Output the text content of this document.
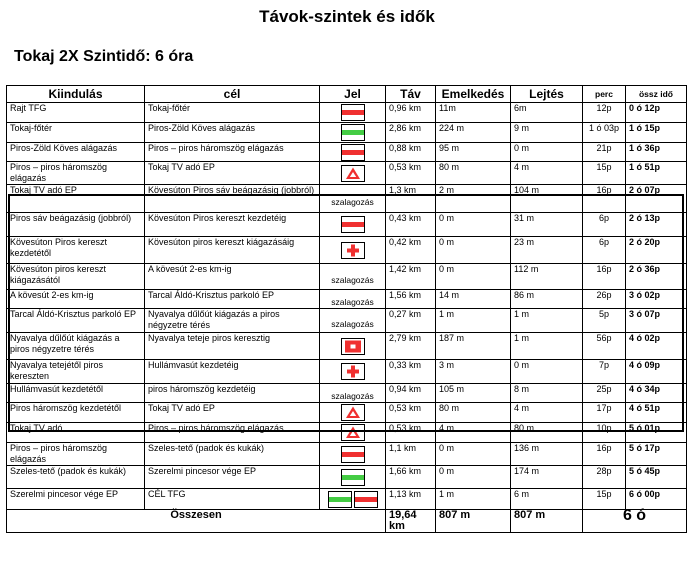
Távok-szintek és idők
Tokaj 2X Szintidő: 6 óra
Kiindulás	cél	Jel	Táv	Emelkedés	Lejtés	perc	össz idő
Rajt TFG	Tokaj-főtér		0,96 km	11m	6m	12p	0 ó 12p
Tokaj-főtér	Piros-Zöld Köves alágazás		2,86 km	224 m	9 m	1 ó 03p	1 ó 15p
Piros-Zöld Köves alágazás	Piros – piros háromszög elágazás		0,88 km	95 m	0 m	21p	1 ó 36p
Piros – piros háromszög elágazás	Tokaj TV adó EP		0,53 km	80 m	4 m	15p	1 ó 51p
Tokaj TV adó EP	Kövesúton Piros sáv beágazásig (jobbról)	szalagozás	1,3 km	2 m	104 m	16p	2 ó 07p
Piros sáv beágazásig (jobbról)	Kövesúton Piros kereszt kezdetéig		0,43 km	0 m	31 m	6p	2 ó 13p
Kövesúton Piros kereszt kezdetétől	Kövesúton piros kereszt kiágazásáig		0,42 km	0 m	23 m	6p	2 ó 20p
Kövesúton piros kereszt kiágazásától	A kövesút 2-es km-ig	szalagozás	1,42 km	0 m	112 m	16p	2 ó 36p
A kövesút 2-es km-ig	Tarcal Áldó-Krisztus parkoló EP	szalagozás	1,56 km	14 m	86 m	26p	3 ó 02p
Tarcal Áldó-Krisztus parkoló EP	Nyavalya dűlőút kiágazás a piros négyzetre térés	szalagozás	0,27 km	1 m	1 m	5p	3 ó 07p
Nyavalya dűlőút kiágazás a piros négyzetre térés	Nyavalya teteje piros keresztig		2,79 km	187 m	1 m	56p	4 ó 02p
Nyavalya tetejétől piros kereszten	Hullámvasút kezdetéig		0,33 km	3 m	0 m	7p	4 ó 09p
Hullámvasút kezdetétől	piros háromszög kezdetéig	szalagozás	0,94 km	105 m	8 m	25p	4 ó 34p
Piros háromszög kezdetétől	Tokaj TV adó EP		0,53 km	80 m	4 m	17p	4 ó 51p
Tokaj TV adó	Piros – piros háromszög elágazás		0,53 km	4 m	80 m	10p	5 ó 01p
Piros – piros háromszög elágazás	Szeles-tető (padok és kukák)		1,1 km	0 m	136 m	16p	5 ó 17p
Szeles-tető (padok és kukák)	Szerelmi pincesor vége EP		1,66 km	0 m	174 m	28p	5 ó 45p
Szerelmi pincesor vége EP	CÉL TFG		1,13 km	1 m	6 m	15p	6 ó 00p
Összesen			19,64 km	807 m	807 m	6 ó	
